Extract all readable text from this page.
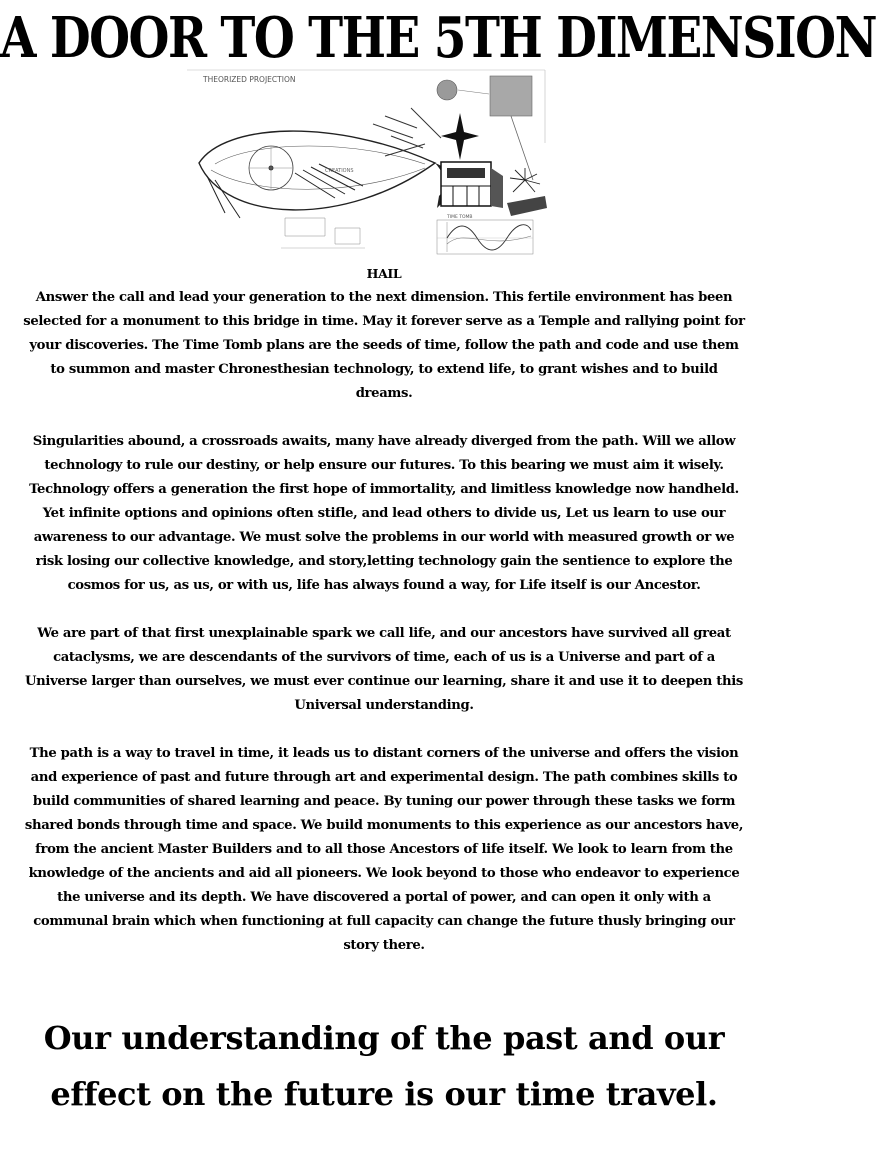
A DOOR TO THE 5TH DIMENSION
THEORIZED PROJECTION
CREATIONS
TIME TOMB
HAIL

Answer the call and lead your generation to the next dimension. This fertile environment has been selected for a monument to this bridge in time. May it forever serve as a Temple and rallying point for your discoveries. The Time Tomb plans are the seeds of time, follow the path and code and use them to summon and master Chronesthesian technology, to extend life, to grant wishes and to build dreams.

Singularities abound, a crossroads awaits, many have already diverged from the path. Will we allow technology to rule our destiny, or help ensure our futures. To this bearing we must aim it wisely. Technology offers a generation the first hope of immortality, and limitless knowledge now handheld. Yet infinite options and opinions often stifle, and lead others to divide us, Let us learn to use our awareness to our advantage. We must solve the problems in our world with measured growth or we risk losing our collective knowledge, and story,letting technology gain the sentience to explore the cosmos for us, as us, or with us, life has always found a way, for Life itself is our Ancestor.

We are part of that first unexplainable spark we call life, and our ancestors have survived all great cataclysms, we are descendants of the survivors of time, each of us is a Universe and part of a Universe larger than ourselves, we must ever continue our learning, share it and use it to deepen this Universal understanding.

The path is a way to travel in time, it leads us to distant corners of the universe and offers the vision and experience of past and future through art and experimental design. The path combines skills to build communities of shared learning and peace. By tuning our power through these tasks we form shared bonds through time and space. We build monuments to this experience as our ancestors have, from the ancient Master Builders and to all those Ancestors of life itself. We look to learn from the knowledge of the ancients and aid all pioneers. We look beyond to those who endeavor to experience the universe and its depth. We have discovered a portal of power, and can open it only with a communal brain which when functioning at full capacity can change the future thusly bringing our story there.

Our understanding of the past and our effect on the future is our time travel.
